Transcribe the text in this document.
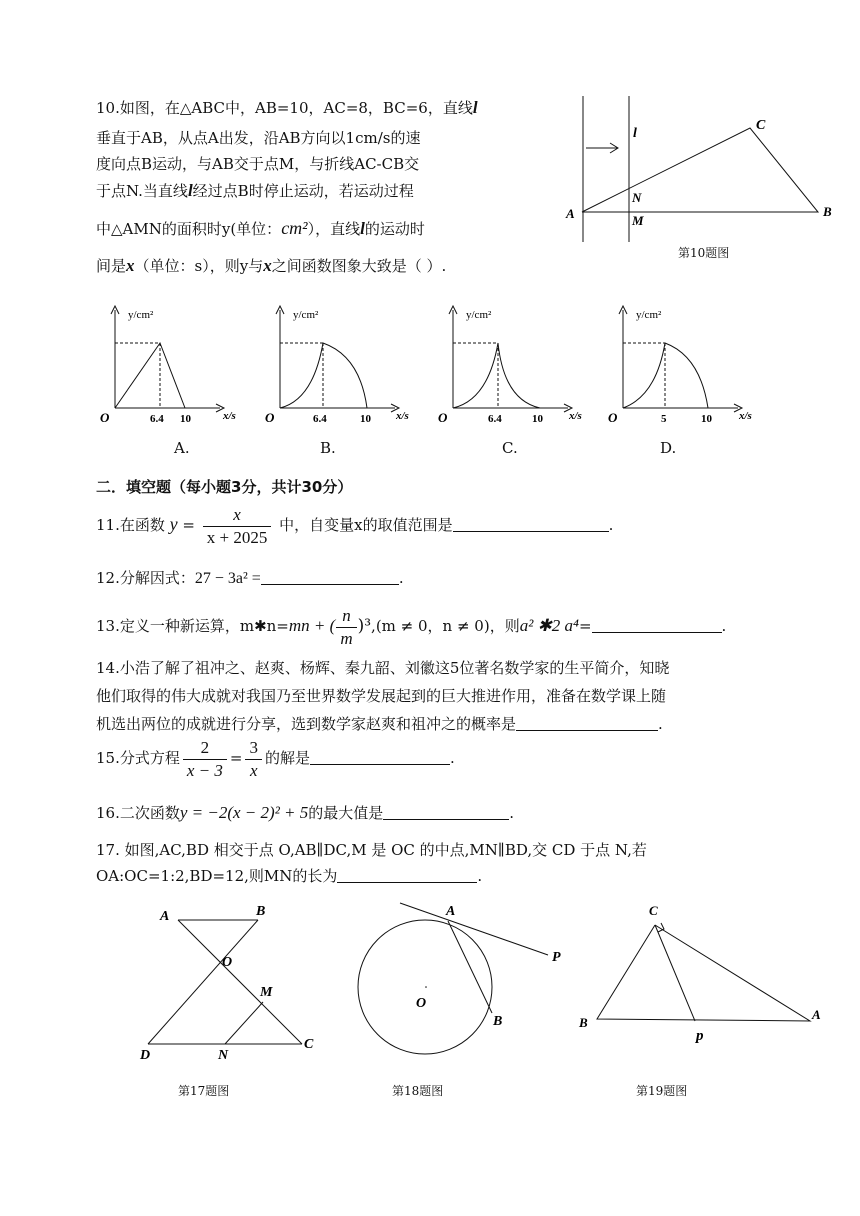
10.如图，在△ABC中，AB=10，AC=8，BC=6，直线l
垂直于AB，从点A出发，沿AB方向以1cm/s的速
度向点B运动，与AB交于点M，与折线AC-CB交
于点N.当直线l经过点B时停止运动，若运动过程
中△AMN的面积时y(单位：cm²），直线l的运动时
间是x（单位：s），则y与x之间函数图象大致是（ ）.
l
C
N
A	M
B
第10题图
y/cm²
O	6.4 10	x/s
A.
y/cm²
O	6.4	10 x/s
B.
y/cm²
O	6.4	10 x/s
C.
y/cm²
O	5	10 x/s
D.
二．填空题（每小题3分，共计30分）
11.在函数 $y = \frac{x}{x + 2025}$ 中，自变量x的取值范围是	.
12.分解因式：27 − 3a² =	.
13.定义一种新运算，m✱n=mn + ( $\frac{n}{m} )^3,(m \ne 0$，n ≠ 0)，则a² ✱2 a⁴=	.
14.小浩了解了祖冲之、赵爽、杨辉、秦九韶、刘徽这5位著名数学家的生平简介，知晓
他们取得的伟大成就对我国乃至世界数学发展起到的巨大推进作用，准备在数学课上随
机选出两位的成就进行分享，选到数学家赵爽和祖冲之的概率是	.
15.分式方程 $\frac{2}{x - 3} = \frac{3}{x}$ 的解是	.
16.二次函数y = −2(x − 2)² + 5的最大值是	.
17. 如图,AC,BD 相交于点 O,AB∥DC,M 是 OC 的中点,MN∥BD,交 CD 于点 N,若
OA:OC=1:2,BD=12,则MN的长为	.
A	B
O
M
C
D	N
第17题图
A
P
O
B
第18题图
C
B
A
p
第19题图
